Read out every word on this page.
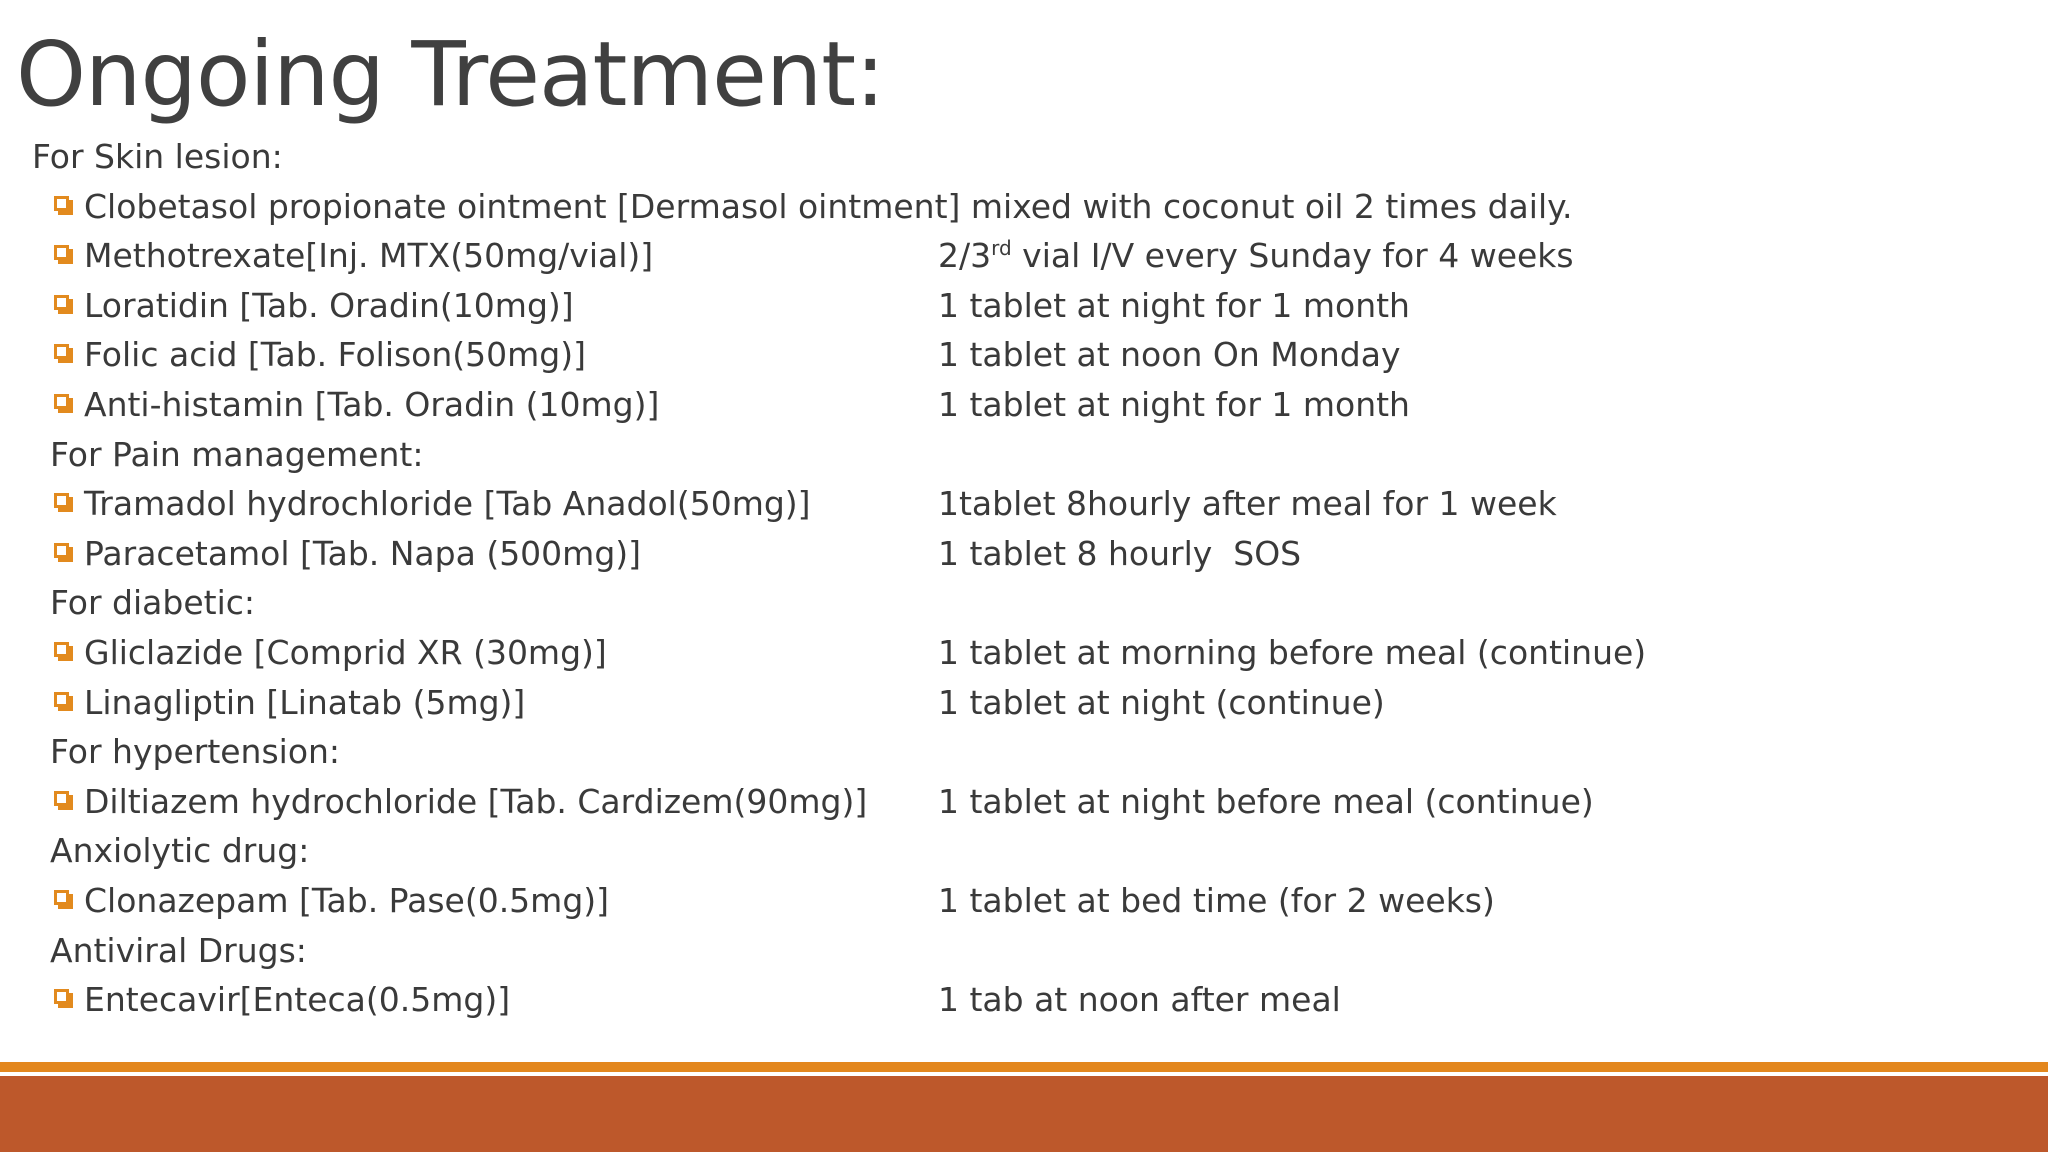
Ongoing Treatment:
For Skin lesion:
Clobetasol propionate ointment [Dermasol ointment] mixed with coconut oil 2 times daily.
Methotrexate[Inj. MTX(50mg/vial)]	2/3rd vial I/V every Sunday for 4 weeks
Loratidin [Tab. Oradin(10mg)]	1 tablet at night for 1 month
Folic acid [Tab. Folison(50mg)]	1 tablet at noon On Monday
Anti-histamin [Tab. Oradin (10mg)]	1 tablet at night for 1 month
For Pain management:
Tramadol hydrochloride [Tab Anadol(50mg)]	1tablet 8hourly after meal for 1 week
Paracetamol [Tab. Napa (500mg)]	1 tablet 8 hourly  SOS
For diabetic:
Gliclazide [Comprid XR (30mg)]	1 tablet at morning before meal (continue)
Linagliptin [Linatab (5mg)]	1 tablet at night (continue)
For hypertension:
Diltiazem hydrochloride [Tab. Cardizem(90mg)] 1 tablet at night before meal (continue)
Anxiolytic drug:
Clonazepam [Tab. Pase(0.5mg)]	1 tablet at bed time (for 2 weeks)
Antiviral Drugs:
Entecavir[Enteca(0.5mg)]	1 tab at noon after meal
